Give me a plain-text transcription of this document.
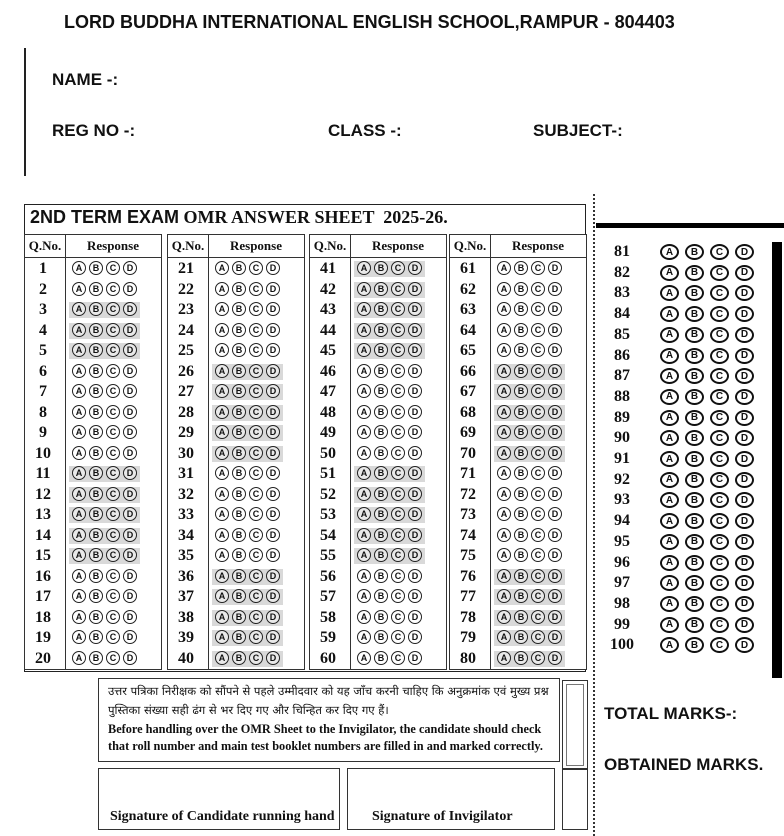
LORD BUDDHA INTERNATIONAL ENGLISH SCHOOL,RAMPUR - 804403
NAME -:
REG NO -:	CLASS -:	SUBJECT-:
2ND TERM EXAM OMR ANSWER SHEET 2025-26.
Q.No.	Response
1	A	B	C	D
2	A	B	C	D
3	A	B	C	D
4	A	B	C	D
5	A	B	C	D
6	A	B	C	D
7	A	B	C	D
8	A	B	C	D
9	A	B	C	D
10	A	B	C	D
11	A	B	C	D
12	A	B	C	D
13	A	B	C	D
14	A	B	C	D
15	A	B	C	D
16	A	B	C	D
17	A	B	C	D
18	A	B	C	D
19	A	B	C	D
20	A	B	C	D
Q.No.	Response
21	A	B	C	D
22	A	B	C	D
23	A	B	C	D
24	A	B	C	D
25	A	B	C	D
26	A	B	C	D
27	A	B	C	D
28	A	B	C	D
29	A	B	C	D
30	A	B	C	D
31	A	B	C	D
32	A	B	C	D
33	A	B	C	D
34	A	B	C	D
35	A	B	C	D
36	A	B	C	D
37	A	B	C	D
38	A	B	C	D
39	A	B	C	D
40	A	B	C	D
Q.No.	Response
41	A	B	C	D
42	A	B	C	D
43	A	B	C	D
44	A	B	C	D
45	A	B	C	D
46	A	B	C	D
47	A	B	C	D
48	A	B	C	D
49	A	B	C	D
50	A	B	C	D
51	A	B	C	D
52	A	B	C	D
53	A	B	C	D
54	A	B	C	D
55	A	B	C	D
56	A	B	C	D
57	A	B	C	D
58	A	B	C	D
59	A	B	C	D
60	A	B	C	D
Q.No.	Response
61	A	B	C	D
62	A	B	C	D
63	A	B	C	D
64	A	B	C	D
65	A	B	C	D
66	A	B	C	D
67	A	B	C	D
68	A	B	C	D
69	A	B	C	D
70	A	B	C	D
71	A	B	C	D
72	A	B	C	D
73	A	B	C	D
74	A	B	C	D
75	A	B	C	D
76	A	B	C	D
77	A	B	C	D
78	A	B	C	D
79	A	B	C	D
80	A	B	C	D
81	A	B	C	D
82	A	B	C	D
83	A	B	C	D
84	A	B	C	D
85	A	B	C	D
86	A	B	C	D
87	A	B	C	D
88	A	B	C	D
89	A	B	C	D
90	A	B	C	D
91	A	B	C	D
92	A	B	C	D
93	A	B	C	D
94	A	B	C	D
95	A	B	C	D
96	A	B	C	D
97	A	B	C	D
98	A	B	C	D
99	A	B	C	D
100	A	B	C	D
उत्तर पत्रिका निरीक्षक को सौंपने से पहले उम्मीदवार को यह जाँच करनी चाहिए कि अनुक्रमांक एवं मुख्य प्रश्न पुस्तिका संख्या सही ढंग से भर दिए गए और चिन्हित कर दिए गए हैं।
Before handling over the OMR Sheet to the Invigilator, the candidate should check that roll number and main test booklet numbers are filled in and marked correctly.
Signature of Candidate running hand	Signature of Invigilator
TOTAL MARKS-:
OBTAINED MARKS.
